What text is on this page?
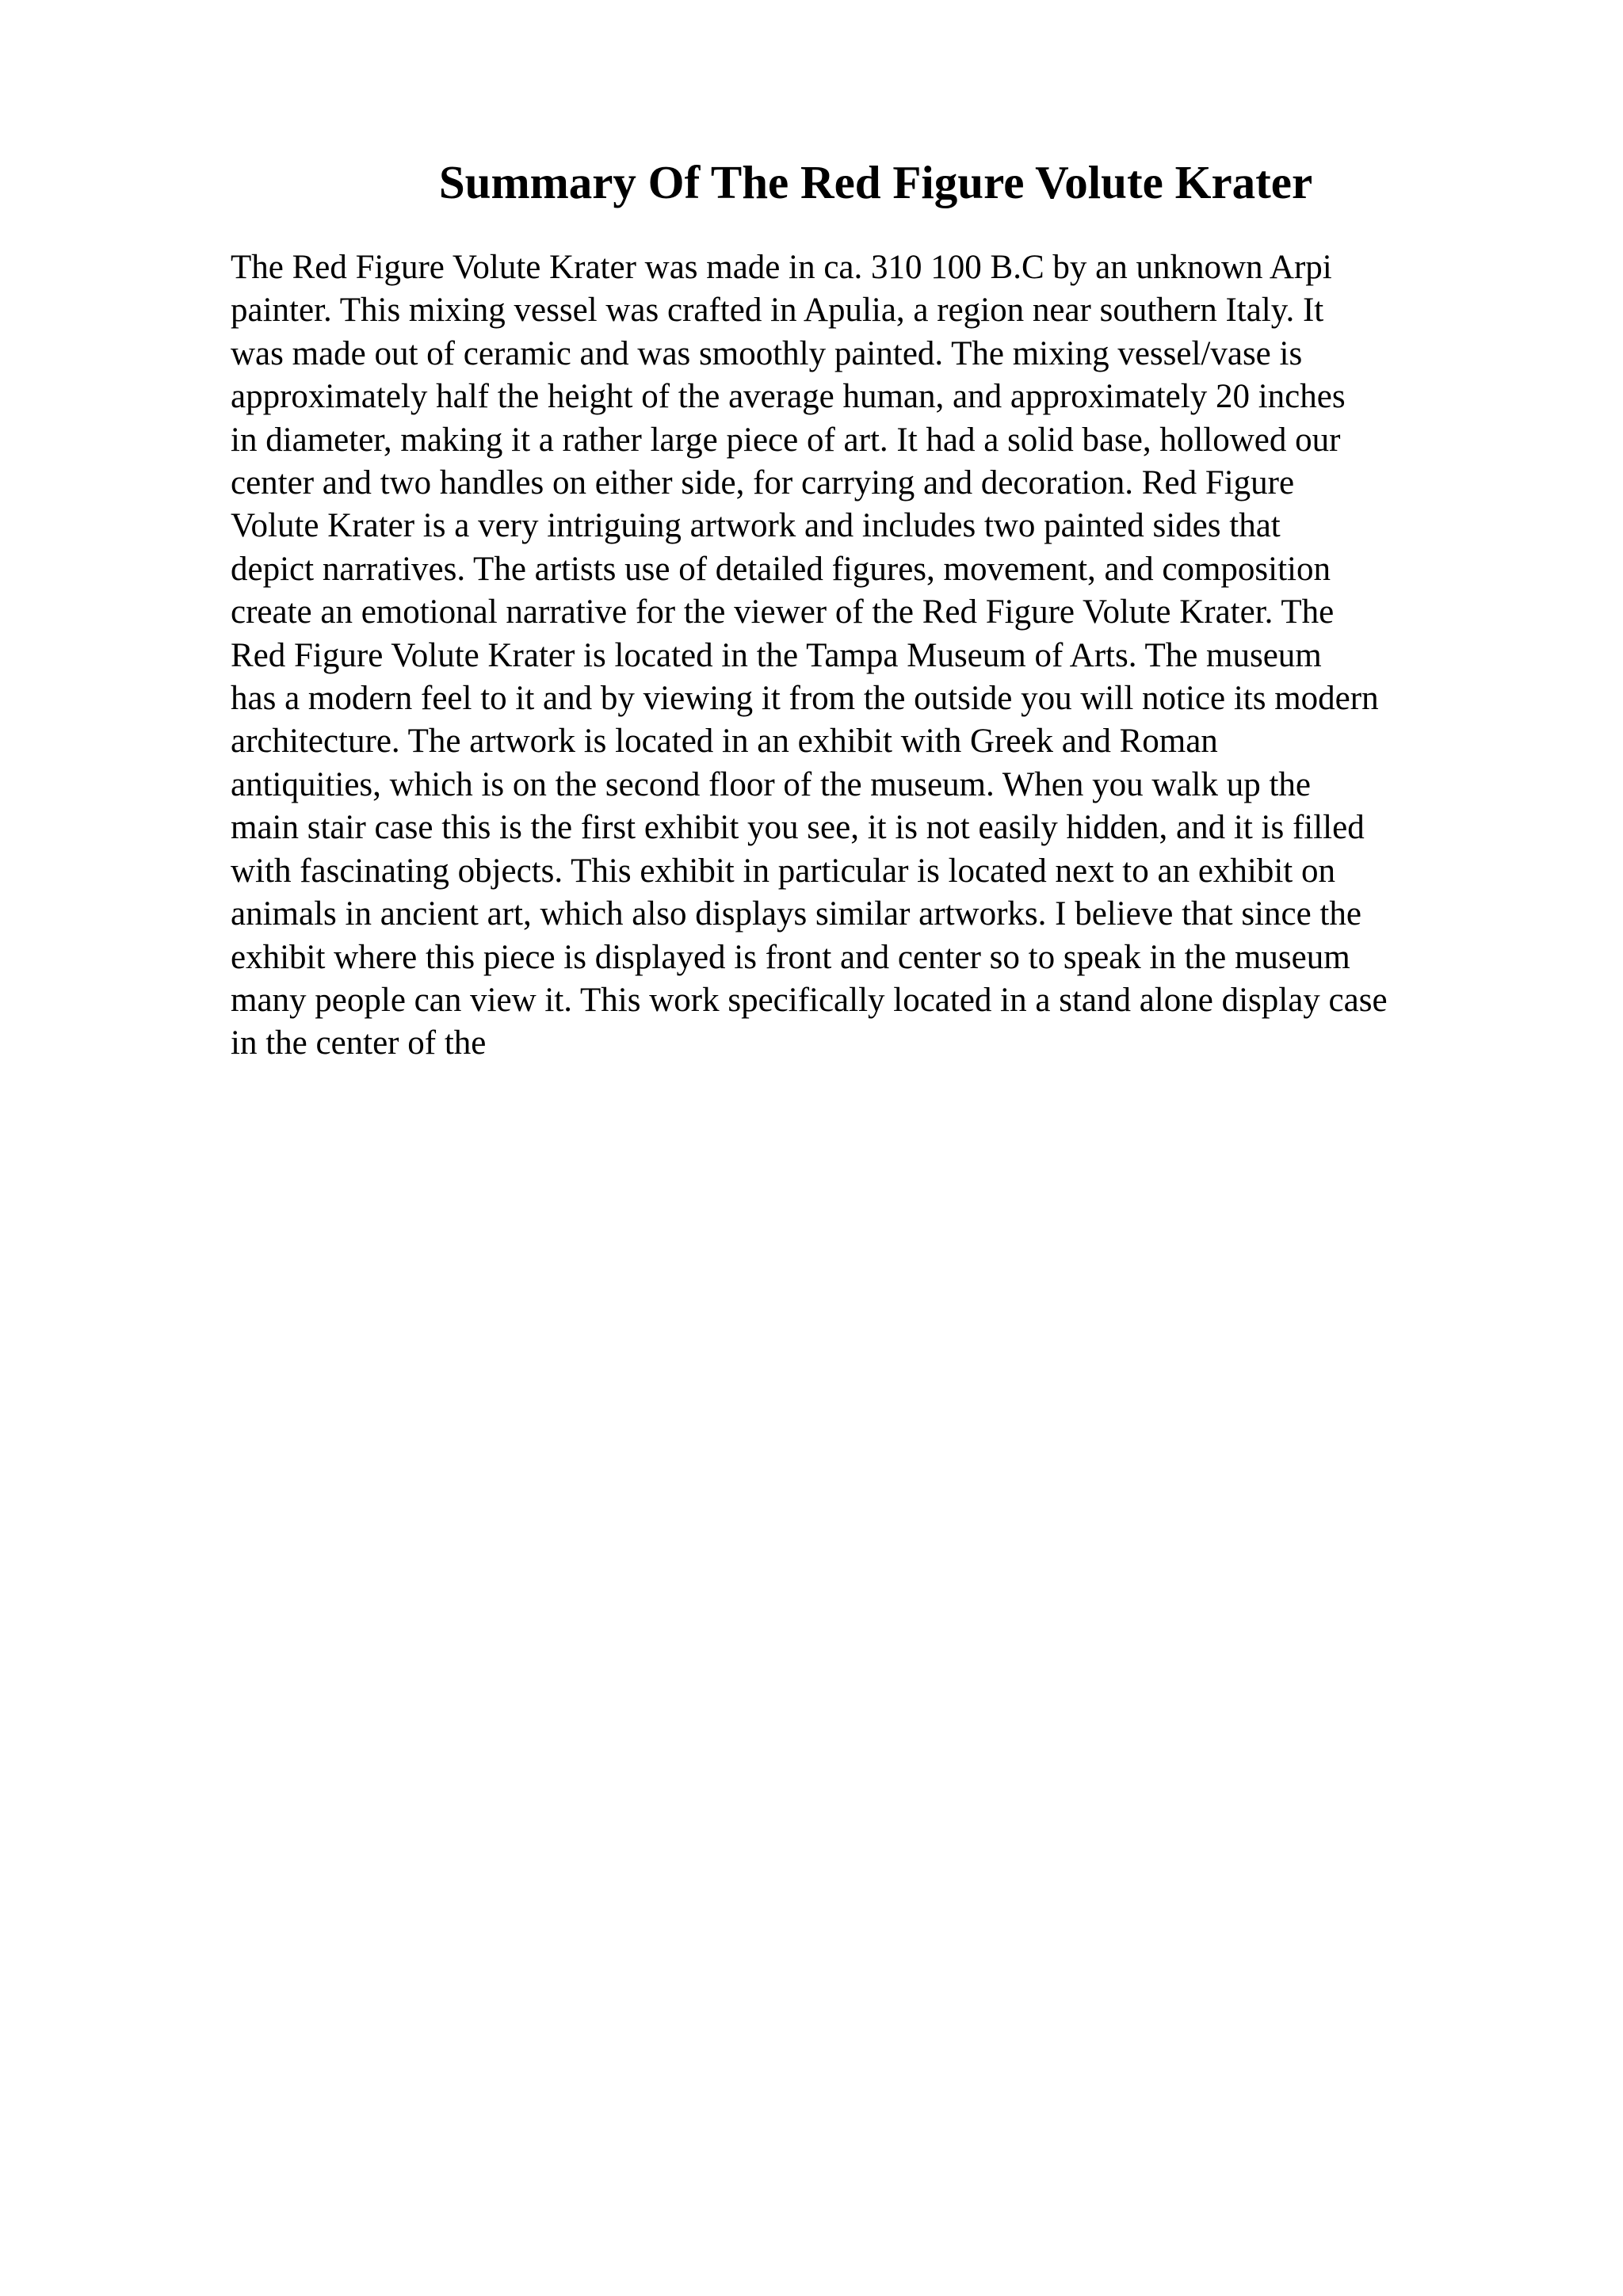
Summary Of The Red Figure Volute Krater

The Red Figure Volute Krater was made in ca. 310 100 B.C by an unknown Arpi
painter. This mixing vessel was crafted in Apulia, a region near southern Italy. It
was made out of ceramic and was smoothly painted. The mixing vessel/vase is
approximately half the height of the average human, and approximately 20 inches
in diameter, making it a rather large piece of art. It had a solid base, hollowed our
center and two handles on either side, for carrying and decoration. Red Figure
Volute Krater is a very intriguing artwork and includes two painted sides that
depict narratives. The artists use of detailed figures, movement, and composition
create an emotional narrative for the viewer of the Red Figure Volute Krater. The
Red Figure Volute Krater is located in the Tampa Museum of Arts. The museum
has a modern feel to it and by viewing it from the outside you will notice its modern
architecture. The artwork is located in an exhibit with Greek and Roman
antiquities, which is on the second floor of the museum. When you walk up the
main stair case this is the first exhibit you see, it is not easily hidden, and it is filled
with fascinating objects. This exhibit in particular is located next to an exhibit on
animals in ancient art, which also displays similar artworks. I believe that since the
exhibit where this piece is displayed is front and center so to speak in the museum
many people can view it. This work specifically located in a stand alone display case
in the center of the
